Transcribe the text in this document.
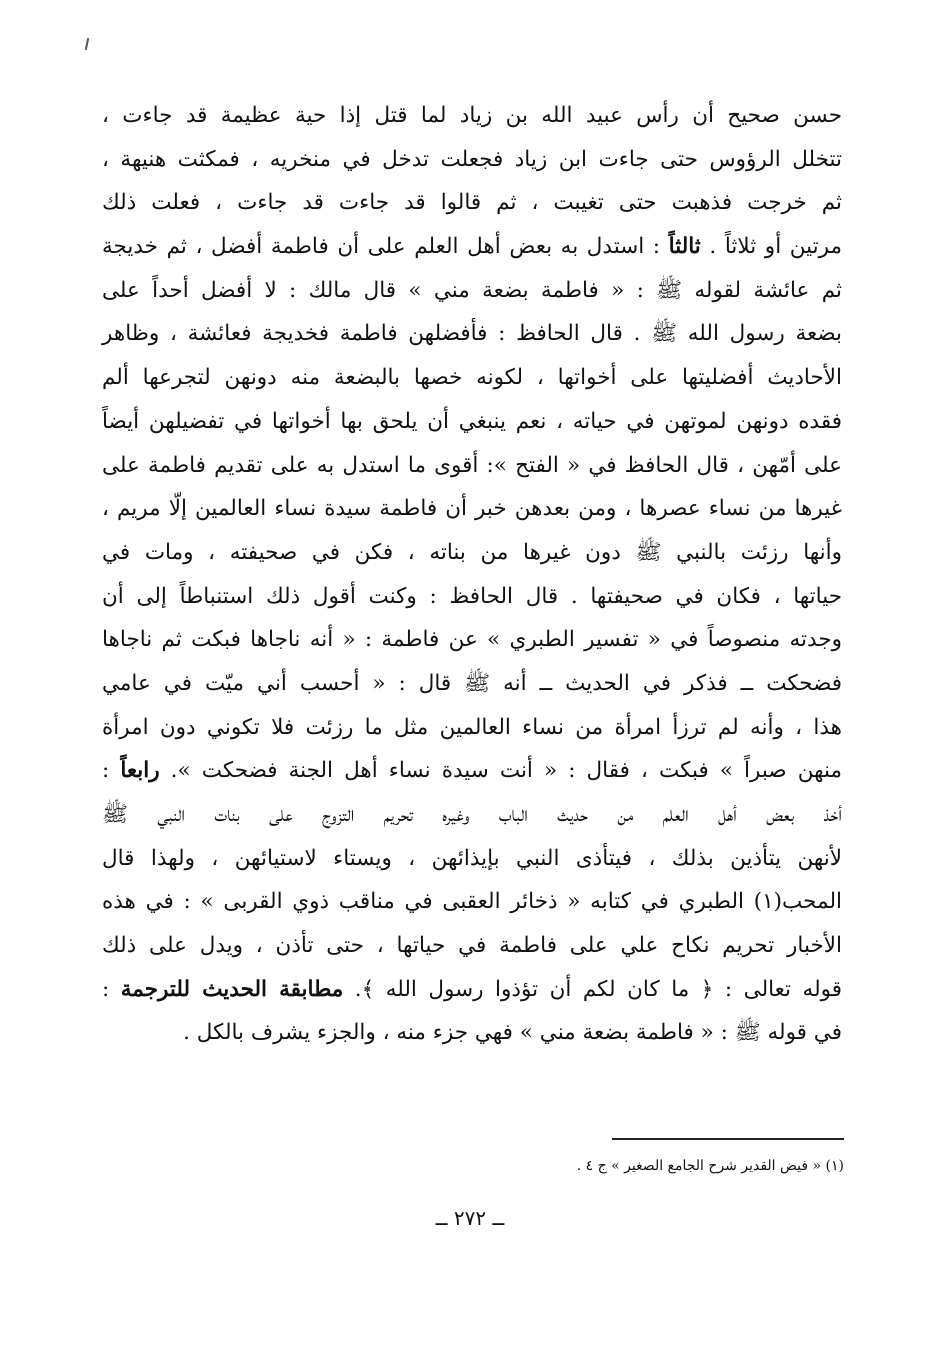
حسن صحيح أن رأس عبيد الله بن زياد لما قتل إذا حية عظيمة قد جاءت ،
تتخلل الرؤوس حتى جاءت ابن زياد فجعلت تدخل في منخريه ، فمكثت هنيهة ،
ثم خرجت فذهبت حتى تغيبت ، ثم قالوا قد جاءت قد جاءت ، فعلت ذلك
مرتين أو ثلاثاً . ثالثاً : استدل به بعض أهل العلم على أن فاطمة أفضل ، ثم خديجة
ثم عائشة لقوله ﷺ : « فاطمة بضعة مني » قال مالك : لا أفضل أحداً على
بضعة رسول الله ﷺ . قال الحافظ : فأفضلهن فاطمة فخديجة فعائشة ، وظاهر
الأحاديث أفضليتها على أخواتها ، لكونه خصها بالبضعة منه دونهن لتجرعها ألم
فقده دونهن لموتهن في حياته ، نعم ينبغي أن يلحق بها أخواتها في تفضيلهن أيضاً
على أمّهن ، قال الحافظ في « الفتح »: أقوى ما استدل به على تقديم فاطمة على
غيرها من نساء عصرها ، ومن بعدهن خبر أن فاطمة سيدة نساء العالمين إلّا مريم ،
وأنها رزئت بالنبي ﷺ دون غيرها من بناته ، فكن في صحيفته ، ومات في
حياتها ، فكان في صحيفتها . قال الحافظ : وكنت أقول ذلك استنباطاً إلى أن
وجدته منصوصاً في « تفسير الطبري » عن فاطمة : « أنه ناجاها فبكت ثم ناجاها
فضحكت ــ فذكر في الحديث ــ أنه ﷺ قال : « أحسب أني ميّت في عامي
هذا ، وأنه لم ترزأ امرأة من نساء العالمين مثل ما رزئت فلا تكوني دون امرأة
منهن صبراً » فبكت ، فقال : « أنت سيدة نساء أهل الجنة فضحكت ». رابعاً :
أخذ بعض أهل العلم من حديث الباب وغيره تحريم التزوج على بنات النبي ﷺ
لأنهن يتأذين بذلك ، فيتأذى النبي بإيذائهن ، ويستاء لاستيائهن ، ولهذا قال
المحب(١) الطبري في كتابه « ذخائر العقبى في مناقب ذوي القربى » : في هذه
الأخبار تحريم نكاح علي على فاطمة في حياتها ، حتى تأذن ، ويدل على ذلك
قوله تعالى : ﴿ ما كان لكم أن تؤذوا رسول الله ﴾. مطابقة الحديث للترجمة :
في قوله ﷺ : « فاطمة بضعة مني » فهي جزء منه ، والجزء يشرف بالكل .
(١) « فيض القدير شرح الجامع الصغير » ج ٤ .
ــ ٢٧٢ ــ
